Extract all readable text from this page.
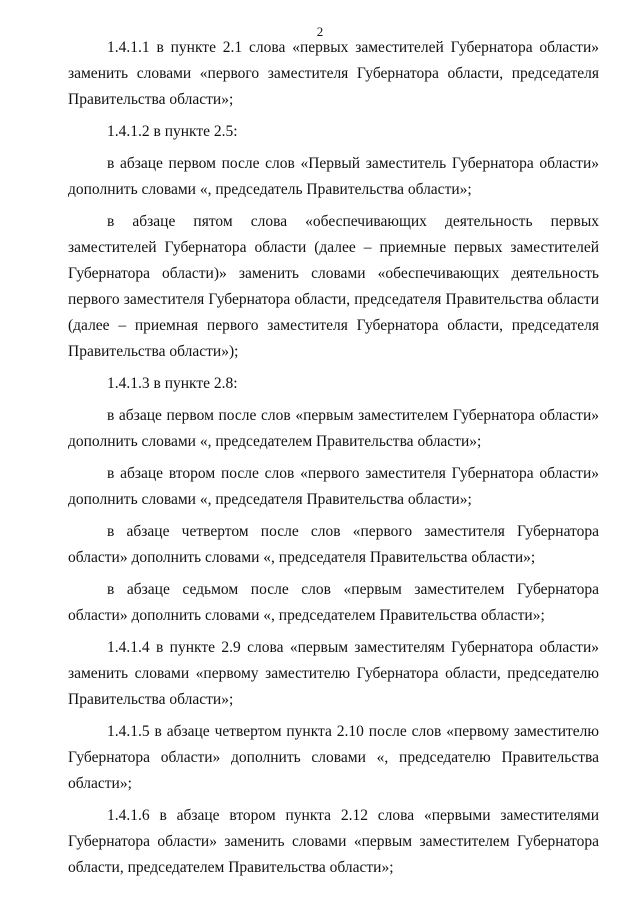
2

1.4.1.1 в пункте 2.1 слова «первых заместителей Губернатора области» заменить словами «первого заместителя Губернатора области, председателя Правительства области»;

1.4.1.2 в пункте 2.5:

в абзаце первом после слов «Первый заместитель Губернатора области» дополнить словами «, председатель Правительства области»;

в абзаце пятом слова «обеспечивающих деятельность первых заместителей Губернатора области (далее – приемные первых заместителей Губернатора области)» заменить словами «обеспечивающих деятельность первого заместителя Губернатора области, председателя Правительства области (далее – приемная первого заместителя Губернатора области, председателя Правительства области»);

1.4.1.3 в пункте 2.8:

в абзаце первом после слов «первым заместителем Губернатора области» дополнить словами «, председателем Правительства области»;

в абзаце втором после слов «первого заместителя Губернатора области» дополнить словами «, председателя Правительства области»;

в абзаце четвертом после слов «первого заместителя Губернатора области» дополнить словами «, председателя Правительства области»;

в абзаце седьмом после слов «первым заместителем Губернатора области» дополнить словами «, председателем Правительства области»;

1.4.1.4 в пункте 2.9 слова «первым заместителям Губернатора области» заменить словами «первому заместителю Губернатора области, председателю Правительства области»;

1.4.1.5 в абзаце четвертом пункта 2.10 после слов «первому заместителю Губернатора области» дополнить словами «, председателю Правительства области»;

1.4.1.6 в абзаце втором пункта 2.12 слова «первыми заместителями Губернатора области» заменить словами «первым заместителем Губернатора области, председателем Правительства области»;
